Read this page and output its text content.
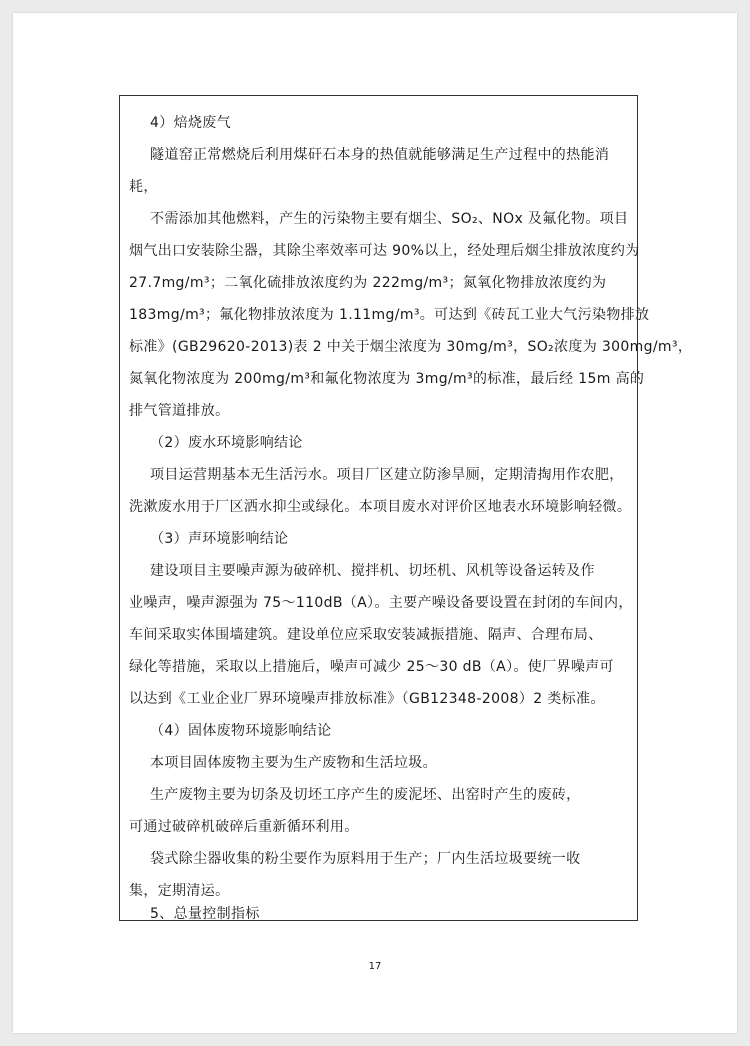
4）焙烧废气
隧道窑正常燃烧后利用煤矸石本身的热值就能够满足生产过程中的热能消
耗，
不需添加其他燃料，产生的污染物主要有烟尘、SO₂、NOx 及氟化物。项目
烟气出口安装除尘器，其除尘率效率可达 90%以上，经处理后烟尘排放浓度约为
27.7mg/m³；二氧化硫排放浓度约为 222mg/m³；氮氧化物排放浓度约为
183mg/m³；氟化物排放浓度为 1.11mg/m³。可达到《砖瓦工业大气污染物排放
标准》(GB29620-2013)表 2 中关于烟尘浓度为 30mg/m³，SO₂浓度为 300mg/m³，
氮氧化物浓度为 200mg/m³和氟化物浓度为 3mg/m³的标准，最后经 15m 高的
排气管道排放。
（2）废水环境影响结论
项目运营期基本无生活污水。项目厂区建立防渗旱厕，定期清掏用作农肥，
洗漱废水用于厂区洒水抑尘或绿化。本项目废水对评价区地表水环境影响轻微。
（3）声环境影响结论
建设项目主要噪声源为破碎机、搅拌机、切坯机、风机等设备运转及作
业噪声，噪声源强为 75～110dB（A）。主要产噪设备要设置在封闭的车间内，
车间采取实体围墙建筑。建设单位应采取安装减振措施、隔声、合理布局、
绿化等措施，采取以上措施后，噪声可减少 25～30 dB（A）。使厂界噪声可
以达到《工业企业厂界环境噪声排放标准》（GB12348-2008）2 类标准。
（4）固体废物环境影响结论
本项目固体废物主要为生产废物和生活垃圾。
生产废物主要为切条及切坯工序产生的废泥坯、出窑时产生的废砖，
可通过破碎机破碎后重新循环利用。
袋式除尘器收集的粉尘要作为原料用于生产；厂内生活垃圾要统一收
集，定期清运。
5、总量控制指标
17
